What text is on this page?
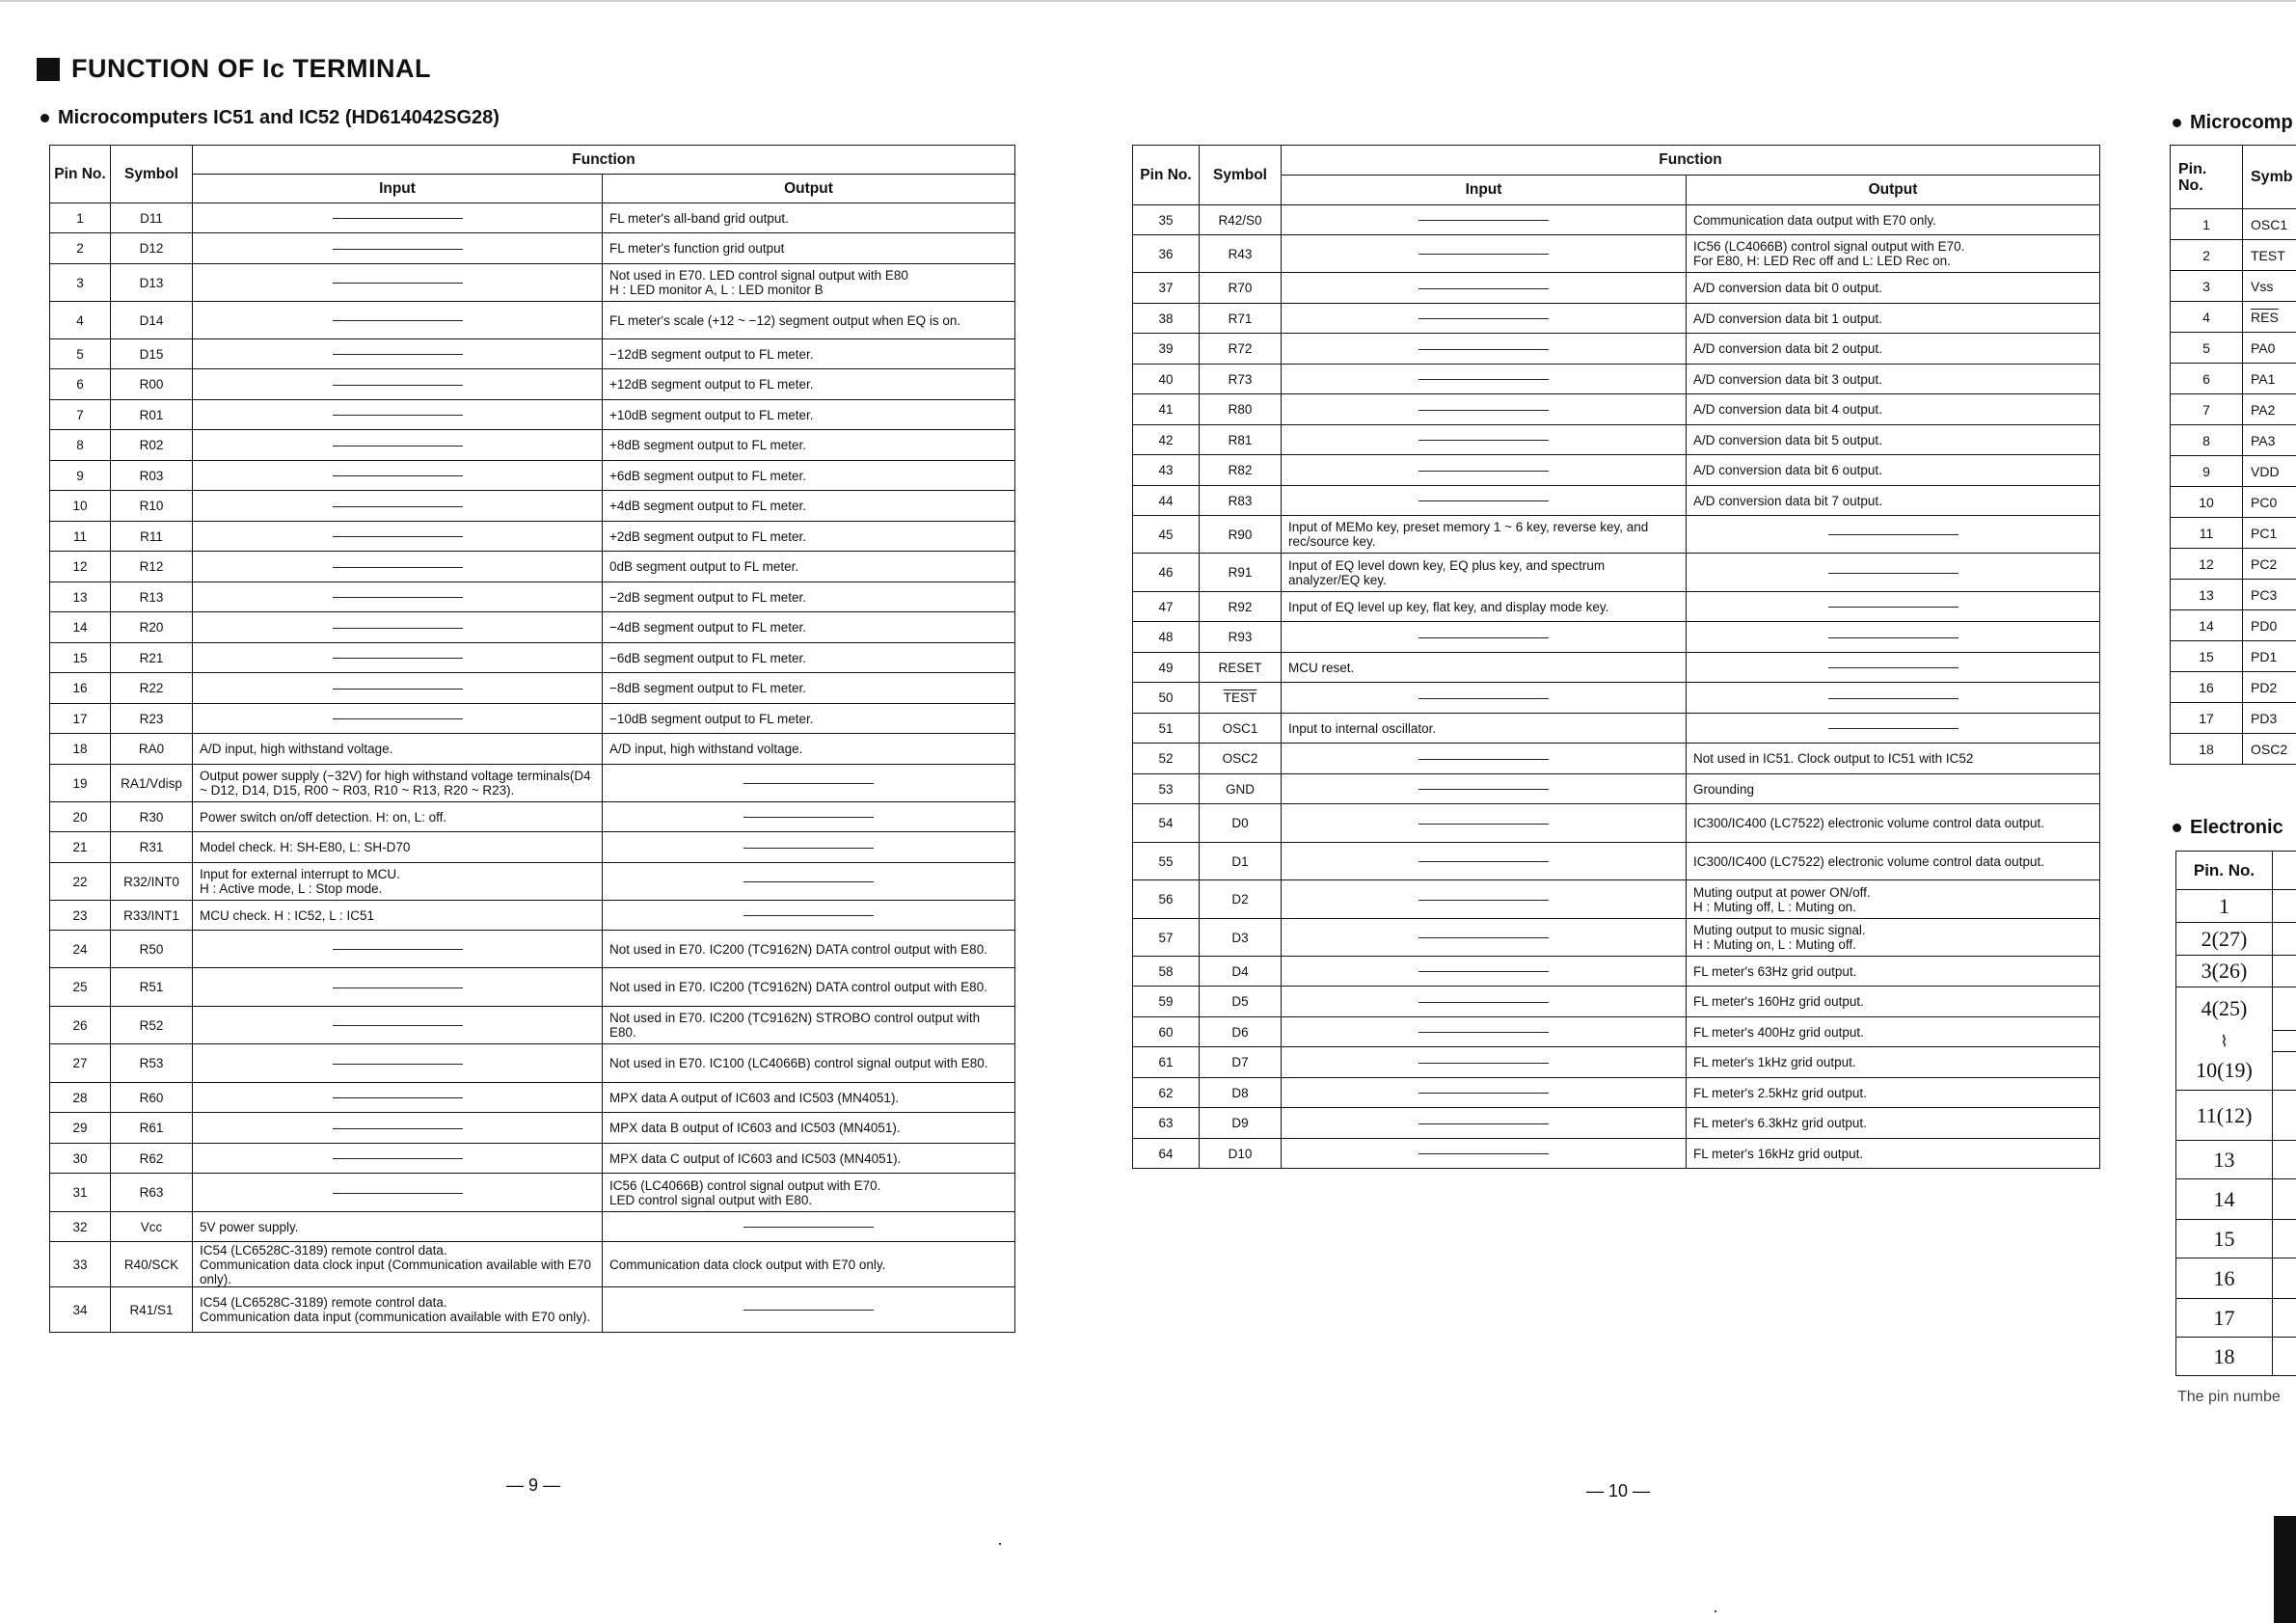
FUNCTION OF Ic TERMINAL
Microcomputers IC51 and IC52 (HD614042SG28)
Pin No.	Symbol	Function	
		Input	Output
1	D11		FL meter's all-band grid output.
2	D12		FL meter's function grid output
3	D13		Not used in E70. LED control signal output with E80
H : LED monitor A, L : LED monitor B
4	D14		FL meter's scale (+12 ~ −12) segment output when EQ is on.
5	D15		−12dB segment output to FL meter.
6	R00		+12dB segment output to FL meter.
7	R01		+10dB segment output to FL meter.
8	R02		+8dB segment output to FL meter.
9	R03		+6dB segment output to FL meter.
10	R10		+4dB segment output to FL meter.
11	R11		+2dB segment output to FL meter.
12	R12		0dB segment output to FL meter.
13	R13		−2dB segment output to FL meter.
14	R20		−4dB segment output to FL meter.
15	R21		−6dB segment output to FL meter.
16	R22		−8dB segment output to FL meter.
17	R23		−10dB segment output to FL meter.
18	RA0	A/D input, high withstand voltage.	A/D input, high withstand voltage.
19	RA1/Vdisp	Output power supply (−32V) for high withstand voltage terminals(D4 ~ D12, D14, D15, R00 ~ R03, R10 ~ R13, R20 ~ R23).	
20	R30	Power switch on/off detection. H: on, L: off.	
21	R31	Model check. H: SH-E80, L: SH-D70	
22	R32/INT0	Input for external interrupt to MCU.
H : Active mode, L : Stop mode.	
23	R33/INT1	MCU check. H : IC52, L : IC51	
24	R50		Not used in E70. IC200 (TC9162N) DATA control output with E80.
25	R51		Not used in E70. IC200 (TC9162N) DATA control output with E80.
26	R52		Not used in E70. IC200 (TC9162N) STROBO control output with E80.
27	R53		Not used in E70. IC100 (LC4066B) control signal output with E80.
28	R60		MPX data A output of IC603 and IC503 (MN4051).
29	R61		MPX data B output of IC603 and IC503 (MN4051).
30	R62		MPX data C output of IC603 and IC503 (MN4051).
31	R63		IC56 (LC4066B) control signal output with E70.
LED control signal output with E80.
32	Vcc	5V power supply.	
33	R40/SCK	IC54 (LC6528C-3189) remote control data.
Communication data clock input (Communication available with E70 only).	Communication data clock output with E70 only.
34	R41/S1	IC54 (LC6528C-3189) remote control data.
Communication data input (communication available with E70 only).	
Pin No.	Symbol	Function	
		Input	Output
35	R42/S0		Communication data output with E70 only.
36	R43		IC56 (LC4066B) control signal output with E70.
For E80, H: LED Rec off and L: LED Rec on.
37	R70		A/D conversion data bit 0 output.
38	R71		A/D conversion data bit 1 output.
39	R72		A/D conversion data bit 2 output.
40	R73		A/D conversion data bit 3 output.
41	R80		A/D conversion data bit 4 output.
42	R81		A/D conversion data bit 5 output.
43	R82		A/D conversion data bit 6 output.
44	R83		A/D conversion data bit 7 output.
45	R90	Input of MEMo key, preset memory 1 ~ 6 key, reverse key, and rec/source key.	
46	R91	Input of EQ level down key, EQ plus key, and spectrum analyzer/EQ key.	
47	R92	Input of EQ level up key, flat key, and display mode key.	
48	R93		
49	RESET	MCU reset.	
50	TEST		
51	OSC1	Input to internal oscillator.	
52	OSC2		Not used in IC51. Clock output to IC51 with IC52
53	GND		Grounding
54	D0		IC300/IC400 (LC7522) electronic volume control data output.
55	D1		IC300/IC400 (LC7522) electronic volume control data output.
56	D2		Muting output at power ON/off.
H : Muting off, L : Muting on.
57	D3		Muting output to music signal.
H : Muting on, L : Muting off.
58	D4		FL meter's 63Hz grid output.
59	D5		FL meter's 160Hz grid output.
60	D6		FL meter's 400Hz grid output.
61	D7		FL meter's 1kHz grid output.
62	D8		FL meter's 2.5kHz grid output.
63	D9		FL meter's 6.3kHz grid output.
64	D10		FL meter's 16kHz grid output.
— 9 —	— 10 —
Microcomp
Pin. No.	Symb
1	OSC1
2	TEST
3	Vss
4	$\overline{RES}$
5	PA0
6	PA1
7	PA2
8	PA3
9	VDD
10	PC0
11	PC1
12	PC2
13	PC3
14	PD0
15	PD1
16	PD2
17	PD3
18	OSC2
Electronic
Pin. No.	
1	
2(27)	
3(26)	
4(25)	
⌇	
10(19)	
11(12)	
13	
14	
15	
16	
17	
18	
The pin numbe
